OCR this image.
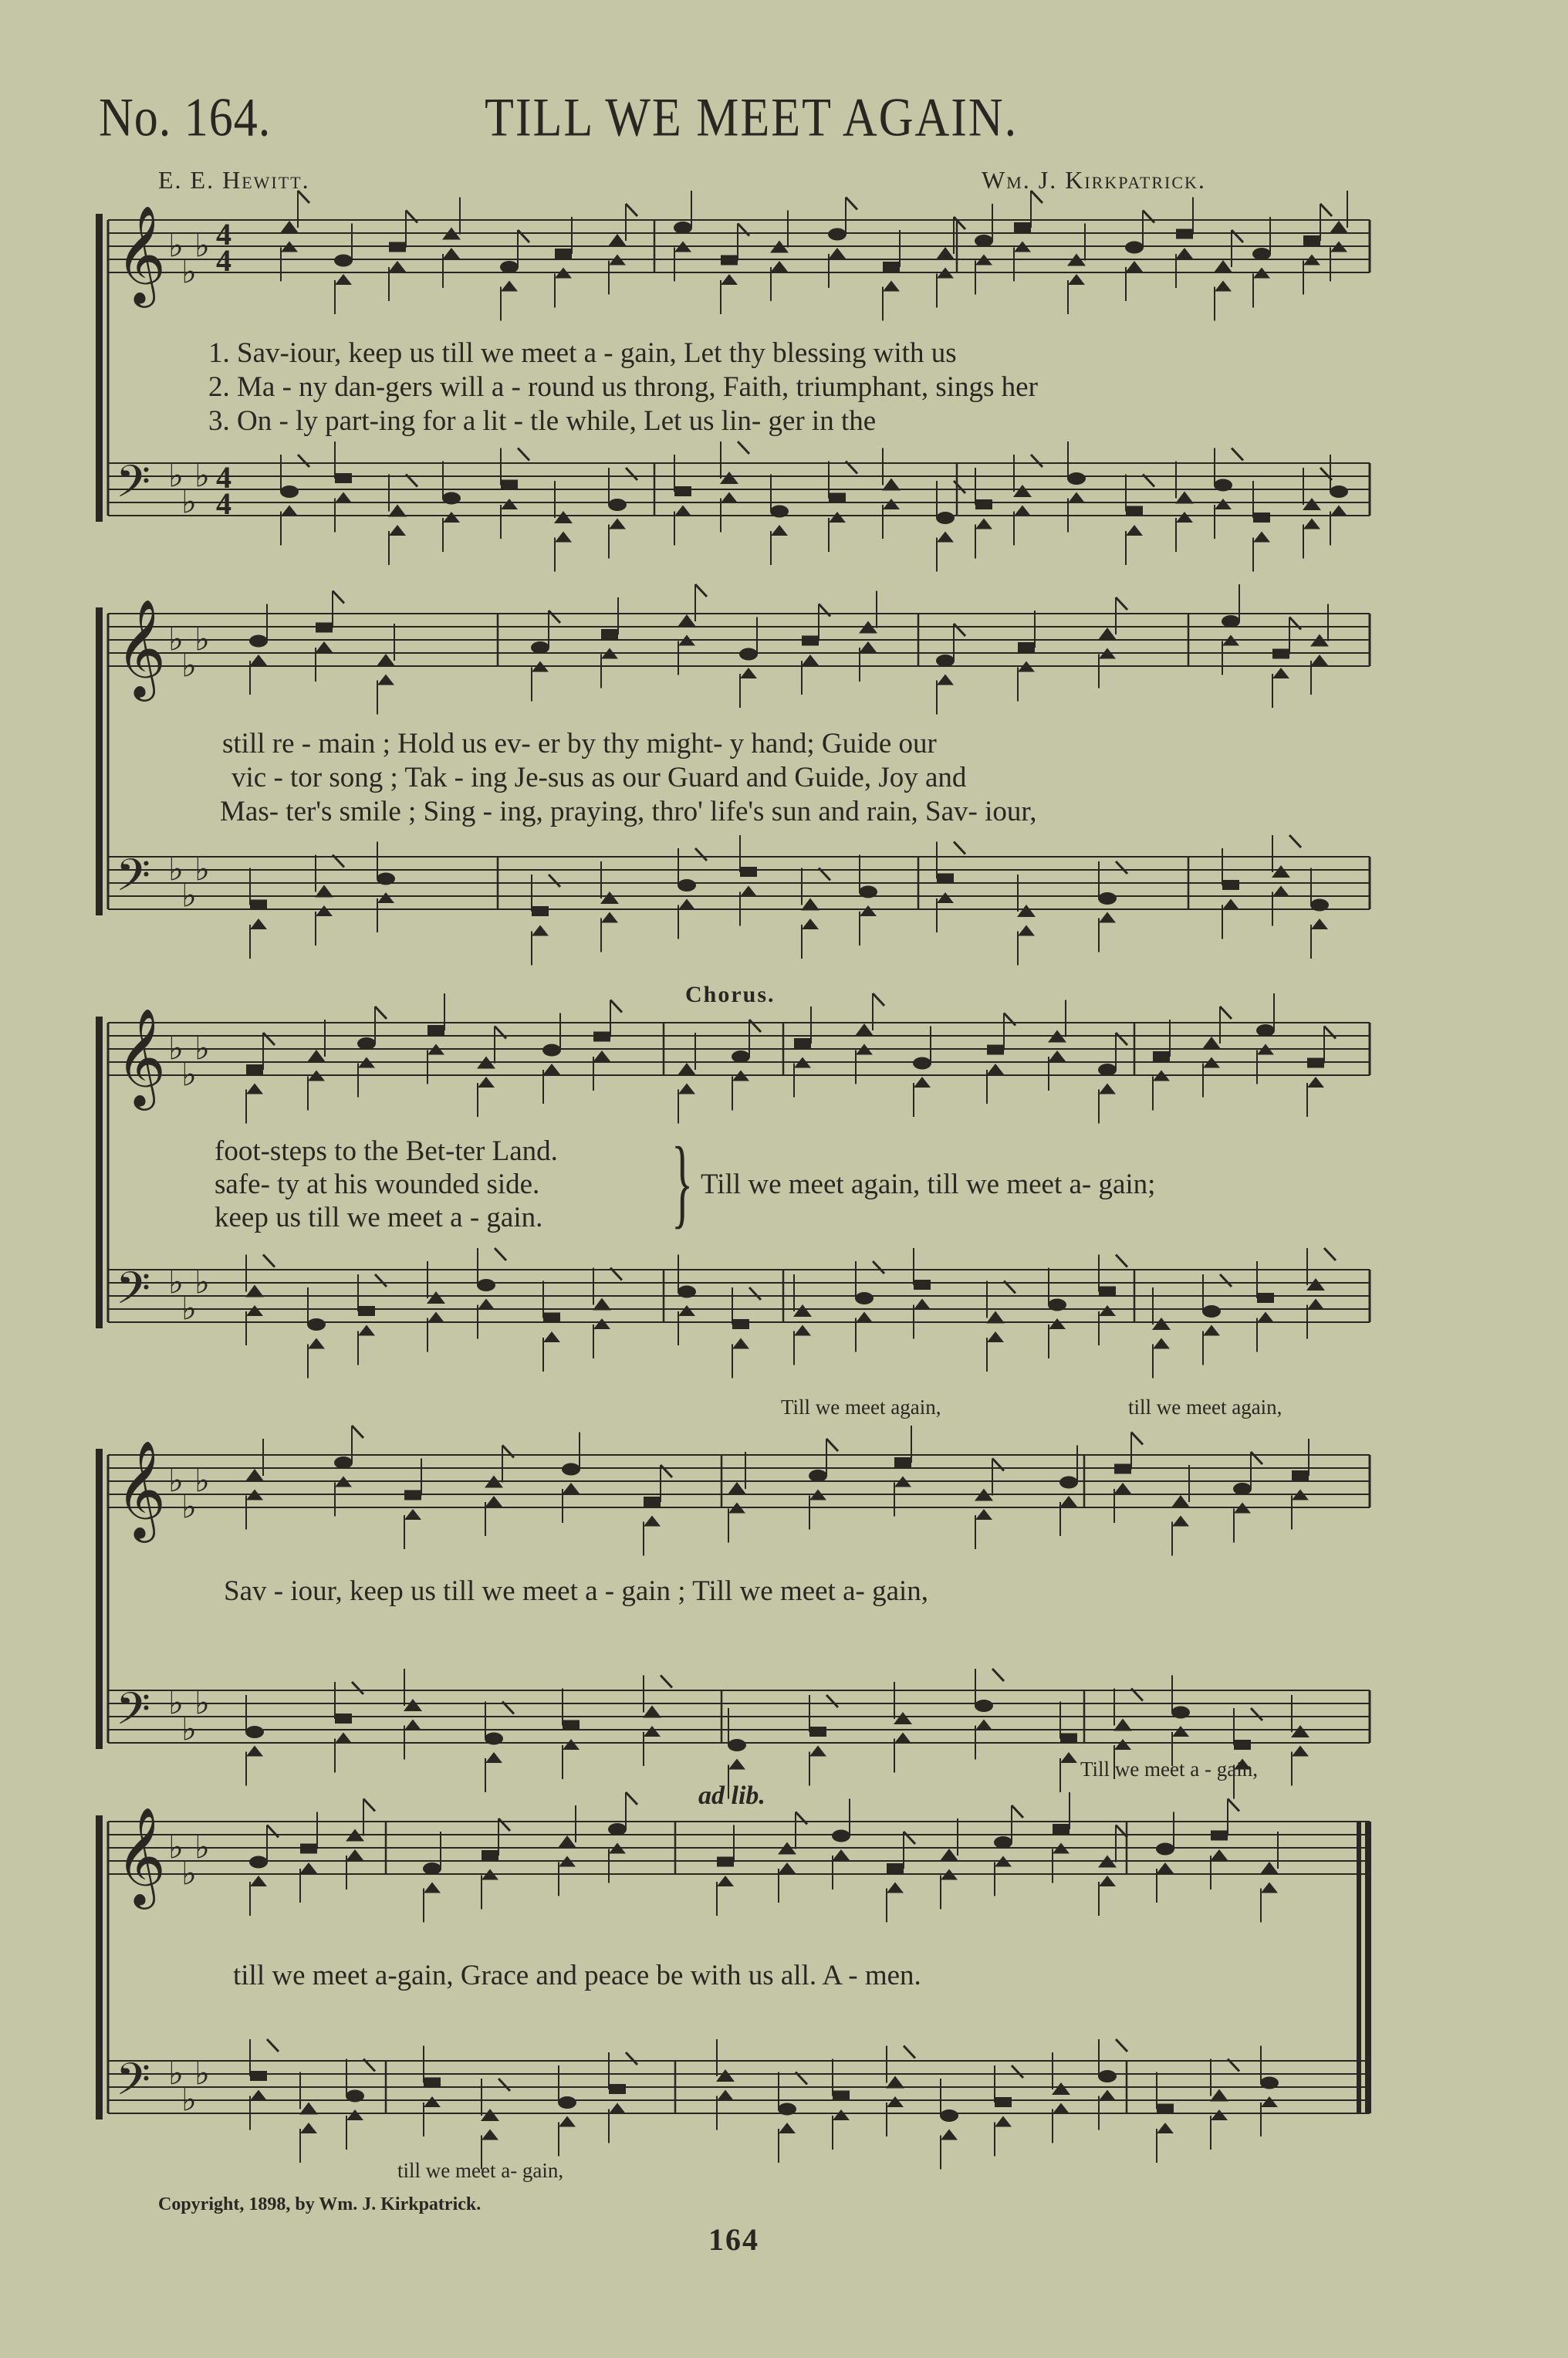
No. 164.	TILL WE MEET AGAIN.
E. E. Hewitt.	Wm. J. Kirkpatrick.
𝄞 ♭
♭
♭ 4
4
𝄢 ♭
♭
♭ 4
4
𝄞 ♭
♭
♭
𝄢 ♭
♭
♭
𝄞 ♭
♭
♭
𝄢 ♭
♭
♭
𝄞 ♭
♭
♭
𝄢 ♭
♭
♭
𝄞 ♭
♭
♭
𝄢 ♭
♭
♭
1. Sav-iour, keep us till we meet a - gain, Let thy blessing with us
2. Ma - ny dan-gers will a - round us throng, Faith, triumphant, sings her
3. On - ly part-ing for a lit - tle while, Let us lin- ger in the
still re - main ; Hold us ev- er by thy might- y hand; Guide our
vic - tor song ; Tak - ing Je-sus as our Guard and Guide, Joy and
Mas- ter's smile ; Sing - ing, praying, thro' life's sun and rain, Sav- iour,
Chorus.
foot-steps to the Bet-ter Land.
safe- ty at his wounded side.
keep us till we meet a - gain. } Till we meet again, till we meet a- gain;
Till we meet again,	till we meet again,
Sav - iour, keep us till we meet a - gain ; Till we meet a- gain,
Till we meet a - gain,
ad lib.
till we meet a-gain, Grace and peace be with us all. A - men.
till we meet a- gain,
Copyright, 1898, by Wm. J. Kirkpatrick.
164
